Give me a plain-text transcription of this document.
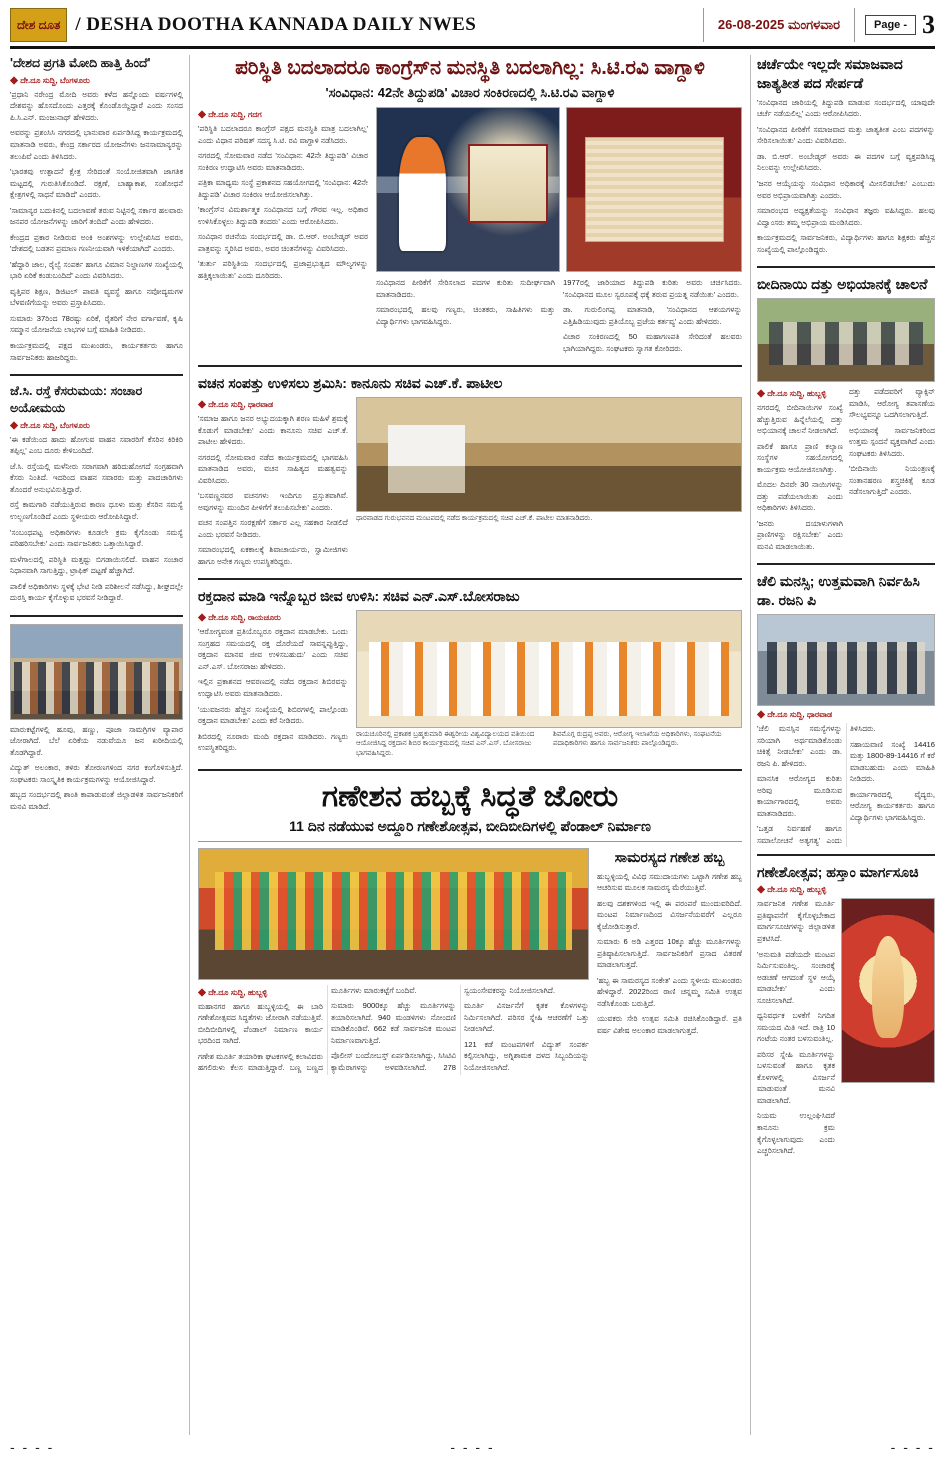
ದೇಶ ದೂತ / DESHA DOOTHA KANNADA DAILY NWES	26-08-2025 ಮಂಗಳವಾರ	Page - 3
'ದೇಶದ ಪ್ರಗತಿ ಮೋದಿ ಹಾತ್ತಿ ಹಿಂದೆ'
◆ ದೇ.ದೂ ಸುದ್ದಿ, ಬೆಂಗಳೂರು

'ಪ್ರಧಾನಿ ನರೇಂದ್ರ ಮೋದಿ ಅವರು ಕಳೆದ ಹನ್ನೊಂದು ವರ್ಷಗಳಲ್ಲಿ ದೇಶವನ್ನು ಹೊಸದೊಂದು ಎತ್ತರಕ್ಕೆ ಕೊಂಡೊಯ್ದಿದ್ದಾರೆ ಎಂದು ಸಂಸದ ಪಿ.ಸಿ.ಎನ್. ಮಂಜುನಾಥ್ ಹೇಳಿದರು.

ಅವರನ್ನು ಪ್ರಶಂಸಿಸಿ ನಗರದಲ್ಲಿ ಭಾನುವಾರ ಏರ್ಪಡಿಸಿದ್ದ ಕಾರ್ಯಕ್ರಮದಲ್ಲಿ ಮಾತನಾಡಿ ಅವರು, ಕೇಂದ್ರ ಸರ್ಕಾರದ ಯೋಜನೆಗಳು ಜನಸಾಮಾನ್ಯರನ್ನು ತಲುಪಿವೆ ಎಂದು ತಿಳಿಸಿದರು.

'ಭಾರತವು ಉತ್ಪಾದನೆ ಕ್ಷೇತ್ರ ಸೇರಿದಂತೆ ಸಂಯೋಜಿತವಾಗಿ ಜಾಗತಿಕ ಮಟ್ಟದಲ್ಲಿ ಗುರುತಿಸಿಕೊಂಡಿದೆ. ರಕ್ಷಣೆ, ಬಾಹ್ಯಾಕಾಶ, ಸಂಶೋಧನೆ ಕ್ಷೇತ್ರಗಳಲ್ಲಿ ಸಾಧನೆ ಮಾಡಿದೆ' ಎಂದರು.

'ಸಾಮಾನ್ಯರ ಬದುಕಿನಲ್ಲಿ ಬದಲಾವಣೆ ತರುವ ನಿಟ್ಟಿನಲ್ಲಿ ಸರ್ಕಾರ ಹಲವಾರು ಜನಪರ ಯೋಜನೆಗಳನ್ನು ಜಾರಿಗೆ ತಂದಿದೆ' ಎಂದು ಹೇಳಿದರು.

ಕೇಂದ್ರದ ಪ್ರಕಾರ ನೀಡಿರುವ ಅಂಕಿ ಅಂಶಗಳನ್ನು ಉಲ್ಲೇಖಿಸಿದ ಅವರು, 'ದೇಶದಲ್ಲಿ ಬಡತನ ಪ್ರಮಾಣ ಗಣನೀಯವಾಗಿ ಇಳಿಕೆಯಾಗಿದೆ' ಎಂದರು.

'ಹೆದ್ದಾರಿ ಜಾಲ, ರೈಲ್ವೆ ಸಂಪರ್ಕ ಹಾಗೂ ವಿಮಾನ ನಿಲ್ದಾಣಗಳ ಸಂಖ್ಯೆಯಲ್ಲಿ ಭಾರಿ ಏರಿಕೆ ಕಂಡುಬಂದಿದೆ' ಎಂದು ವಿವರಿಸಿದರು.

ವೃತ್ತಿಪರ ಶಿಕ್ಷಣ, ಡಿಜಿಟಲ್ ಪಾವತಿ ವ್ಯವಸ್ಥೆ ಹಾಗೂ ನವೋದ್ಯಮಗಳ ಬೆಳವಣಿಗೆಯನ್ನು ಅವರು ಪ್ರಸ್ತಾಪಿಸಿದರು.

ಸುಮಾರು 37ರಿಂದ 78ರಷ್ಟು ಏರಿಕೆ, ರೈತರಿಗೆ ನೇರ ವರ್ಗಾವಣೆ, ಕೃಷಿ ಸಮ್ಮಾನ ಯೋಜನೆಯ ಲಾಭಗಳ ಬಗ್ಗೆ ಮಾಹಿತಿ ನೀಡಿದರು.

ಕಾರ್ಯಕ್ರಮದಲ್ಲಿ ಪಕ್ಷದ ಮುಖಂಡರು, ಕಾರ್ಯಕರ್ತರು ಹಾಗೂ ಸಾರ್ವಜನಿಕರು ಹಾಜರಿದ್ದರು.

ಜೆ.ಸಿ. ರಸ್ತೆ ಕೆಸರುಮಯ: ಸಂಚಾರ ಅಯೋಮಯ
◆ ದೇ.ದೂ ಸುದ್ದಿ, ಬೆಂಗಳೂರು

'ಈ ಕಡೆಯಿಂದ ಹಾದು ಹೋಗುವ ವಾಹನ ಸವಾರರಿಗೆ ಕೆಸರಿನ ಕಿರಿಕಿರಿ ತಪ್ಪಿಲ್ಲ' ಎಂಬ ದೂರು ಕೇಳಿಬಂದಿದೆ.

ಜೆ.ಸಿ. ರಸ್ತೆಯಲ್ಲಿ ಮಳೆನೀರು ಸರಾಗವಾಗಿ ಹರಿದುಹೋಗದೆ ಸಂಗ್ರಹವಾಗಿ ಕೆಸರು ನಿಂತಿದೆ. ಇದರಿಂದ ವಾಹನ ಸವಾರರು ಮತ್ತು ಪಾದಚಾರಿಗಳು ತೊಂದರೆ ಅನುಭವಿಸುತ್ತಿದ್ದಾರೆ.

ರಸ್ತೆ ಕಾಮಗಾರಿ ನಡೆಯುತ್ತಿರುವ ಕಾರಣ ಧೂಳು ಮತ್ತು ಕೆಸರಿನ ಸಮಸ್ಯೆ ಉಲ್ಬಣಗೊಂಡಿದೆ ಎಂದು ಸ್ಥಳೀಯರು ಆರೋಪಿಸಿದ್ದಾರೆ.

'ಸಂಬಂಧಪಟ್ಟ ಅಧಿಕಾರಿಗಳು ಕೂಡಲೇ ಕ್ರಮ ಕೈಗೊಂಡು ಸಮಸ್ಯೆ ಪರಿಹರಿಸಬೇಕು' ಎಂದು ಸಾರ್ವಜನಿಕರು ಒತ್ತಾಯಿಸಿದ್ದಾರೆ.

ಮಳೆಗಾಲದಲ್ಲಿ ಪರಿಸ್ಥಿತಿ ಮತ್ತಷ್ಟು ಬಿಗಡಾಯಿಸಲಿದೆ. ವಾಹನ ಸಂಚಾರ ನಿಧಾನವಾಗಿ ಸಾಗುತ್ತಿದ್ದು, ಟ್ರಾಫಿಕ್ ದಟ್ಟಣೆ ಹೆಚ್ಚಾಗಿದೆ.

ಪಾಲಿಕೆ ಅಧಿಕಾರಿಗಳು ಸ್ಥಳಕ್ಕೆ ಭೇಟಿ ನೀಡಿ ಪರಿಶೀಲನೆ ನಡೆಸಿದ್ದು, ಶೀಘ್ರದಲ್ಲೇ ದುರಸ್ತಿ ಕಾರ್ಯ ಕೈಗೊಳ್ಳುವ ಭರವಸೆ ನೀಡಿದ್ದಾರೆ.

ಮಾರುಕಟ್ಟೆಗಳಲ್ಲಿ ಹೂವು, ಹಣ್ಣು, ಪೂಜಾ ಸಾಮಗ್ರಿಗಳ ವ್ಯಾಪಾರ ಜೋರಾಗಿದೆ. ಬೆಲೆ ಏರಿಕೆಯ ನಡುವೆಯೂ ಜನ ಖರೀದಿಯಲ್ಲಿ ತೊಡಗಿದ್ದಾರೆ.

ವಿದ್ಯುತ್ ಅಲಂಕಾರ, ತಳಿರು ತೋರಣಗಳಿಂದ ನಗರ ಕಂಗೊಳಿಸುತ್ತಿದೆ. ಸಂಘಟಕರು ಸಾಂಸ್ಕೃತಿಕ ಕಾರ್ಯಕ್ರಮಗಳನ್ನು ಆಯೋಜಿಸಿದ್ದಾರೆ.

ಹಬ್ಬದ ಸಂದರ್ಭದಲ್ಲಿ ಶಾಂತಿ ಕಾಪಾಡುವಂತೆ ಜಿಲ್ಲಾಡಳಿತ ಸಾರ್ವಜನಿಕರಿಗೆ ಮನವಿ ಮಾಡಿದೆ.

ಪರಿಸ್ಥಿತಿ ಬದಲಾದರೂ ಕಾಂಗ್ರೆಸ್‌ನ ಮನಸ್ಥಿತಿ ಬದಲಾಗಿಲ್ಲ: ಸಿ.ಟಿ.ರವಿ ವಾಗ್ದಾಳಿ
'ಸಂವಿಧಾನ: 42ನೇ ತಿದ್ದುಪಡಿ' ವಿಚಾರ ಸಂಕಿರಣದಲ್ಲಿ ಸಿ.ಟಿ.ರವಿ ವಾಗ್ದಾಳಿ
◆ ದೇ.ದೂ ಸುದ್ದಿ, ಗದಗ

'ಪರಿಸ್ಥಿತಿ ಬದಲಾದರೂ ಕಾಂಗ್ರೆಸ್ ಪಕ್ಷದ ಮನಸ್ಥಿತಿ ಮಾತ್ರ ಬದಲಾಗಿಲ್ಲ' ಎಂದು ವಿಧಾನ ಪರಿಷತ್ ಸದಸ್ಯ ಸಿ.ಟಿ. ರವಿ ವಾಗ್ದಾಳಿ ನಡೆಸಿದರು.

ನಗರದಲ್ಲಿ ಸೋಮವಾರ ನಡೆದ 'ಸಂವಿಧಾನ: 42ನೇ ತಿದ್ದುಪಡಿ' ವಿಚಾರ ಸಂಕಿರಣ ಉದ್ಘಾಟಿಸಿ ಅವರು ಮಾತನಾಡಿದರು.

ಪತ್ರಿಕಾ ಮಾಧ್ಯಮ ಸಂಸ್ಥೆ ಪ್ರಕಾಶನದ ಸಹಯೋಗದಲ್ಲಿ 'ಸಂವಿಧಾನ: 42ನೇ ತಿದ್ದುಪಡಿ' ವಿಚಾರ ಸಂಕಿರಣ ಆಯೋಜಿಸಲಾಗಿತ್ತು.

'ಕಾಂಗ್ರೆಸ್‌ನ ವಿಮರ್ಶಾತ್ಮಕ ಸಂವಿಧಾನದ ಬಗ್ಗೆ ಗೌರವ ಇಲ್ಲ. ಅಧಿಕಾರ ಉಳಿಸಿಕೊಳ್ಳಲು ತಿದ್ದುಪಡಿ ತಂದರು' ಎಂದು ಆರೋಪಿಸಿದರು.

ಸಂವಿಧಾನ ರಚನೆಯ ಸಂದರ್ಭದಲ್ಲಿ ಡಾ. ಬಿ.ಆರ್. ಅಂಬೇಡ್ಕರ್ ಅವರ ಪಾತ್ರವನ್ನು ಸ್ಮರಿಸಿದ ಅವರು, ಅವರ ಚಿಂತನೆಗಳನ್ನು ವಿವರಿಸಿದರು.

'ತುರ್ತು ಪರಿಸ್ಥಿತಿಯ ಸಂದರ್ಭದಲ್ಲಿ ಪ್ರಜಾಪ್ರಭುತ್ವದ ಮೌಲ್ಯಗಳನ್ನು ಹತ್ತಿಕ್ಕಲಾಯಿತು' ಎಂದು ದೂರಿದರು.

ಸಂವಿಧಾನದ ಪೀಠಿಕೆಗೆ ಸೇರಿಸಲಾದ ಪದಗಳ ಕುರಿತು ಸುದೀರ್ಘವಾಗಿ ಮಾತನಾಡಿದರು.

ಸಮಾರಂಭದಲ್ಲಿ ಹಲವು ಗಣ್ಯರು, ಚಿಂತಕರು, ಸಾಹಿತಿಗಳು ಮತ್ತು ವಿದ್ಯಾರ್ಥಿಗಳು ಭಾಗವಹಿಸಿದ್ದರು.

1977ರಲ್ಲಿ ಜಾರಿಯಾದ ತಿದ್ದುಪಡಿ ಕುರಿತು ಅವರು ಚರ್ಚಿಸಿದರು. 'ಸಂವಿಧಾನದ ಮೂಲ ಸ್ವರೂಪಕ್ಕೆ ಧಕ್ಕೆ ತರುವ ಪ್ರಯತ್ನ ನಡೆಯಿತು' ಎಂದರು.

ಡಾ. ಗುರುಲಿಂಗಪ್ಪ ಮಾತನಾಡಿ, 'ಸಂವಿಧಾನದ ಆಶಯಗಳನ್ನು ಎತ್ತಿಹಿಡಿಯುವುದು ಪ್ರತಿಯೊಬ್ಬ ಪ್ರಜೆಯ ಕರ್ತವ್ಯ' ಎಂದು ಹೇಳಿದರು.

ವಿಚಾರ ಸಂಕಿರಣದಲ್ಲಿ 50 ಮಹಾಗಣಪತಿ ಸೇರಿದಂತೆ ಹಲವರು ಭಾಗಿಯಾಗಿದ್ದರು. ಸಂಘಟಕರು ಸ್ವಾಗತ ಕೋರಿದರು.

ವಚನ ಸಂಪತ್ತು ಉಳಿಸಲು ಶ್ರಮಿಸಿ: ಕಾನೂನು ಸಚಿವ ಎಚ್.ಕೆ. ಪಾಟೀಲ
◆ ದೇ.ದೂ ಸುದ್ದಿ, ಧಾರವಾಡ

'ಸಮಾಜ ಹಾಗೂ ಜನರ ಅಭ್ಯುದಯಕ್ಕಾಗಿ ಶರಣ ಮಹಿಳೆ ಶ್ರಮಕ್ಕೆ ಕೊಡುಗೆ ಮಾಡಬೇಕು' ಎಂದು ಕಾನೂನು ಸಚಿವ ಎಚ್.ಕೆ. ಪಾಟೀಲ ಹೇಳಿದರು.

ನಗರದಲ್ಲಿ ಸೋಮವಾರ ನಡೆದ ಕಾರ್ಯಕ್ರಮದಲ್ಲಿ ಭಾಗವಹಿಸಿ ಮಾತನಾಡಿದ ಅವರು, ವಚನ ಸಾಹಿತ್ಯದ ಮಹತ್ವವನ್ನು ವಿವರಿಸಿದರು.

'ಬಸವಣ್ಣನವರ ವಚನಗಳು ಇಂದಿಗೂ ಪ್ರಸ್ತುತವಾಗಿವೆ. ಅವುಗಳನ್ನು ಮುಂದಿನ ಪೀಳಿಗೆಗೆ ತಲುಪಿಸಬೇಕು' ಎಂದರು.

ವಚನ ಸಂಪತ್ತಿನ ಸಂರಕ್ಷಣೆಗೆ ಸರ್ಕಾರ ಎಲ್ಲ ಸಹಕಾರ ನೀಡಲಿದೆ ಎಂದು ಭರವಸೆ ನೀಡಿದರು.

ಸಮಾರಂಭದಲ್ಲಿ ಏಕಕಾಲಕ್ಕೆ ಶಿವಾಚಾರ್ಯರು, ಸ್ವಾಮೀಜಿಗಳು ಹಾಗೂ ಅನೇಕ ಗಣ್ಯರು ಉಪಸ್ಥಿತರಿದ್ದರು.

ಧಾರವಾಡದ ಗುರುಭವನದ ಮಂಟಪದಲ್ಲಿ ನಡೆದ ಕಾರ್ಯಕ್ರಮದಲ್ಲಿ ಸಚಿವ ಎಚ್.ಕೆ. ಪಾಟೀಲ ಮಾತನಾಡಿದರು.
ರಕ್ತದಾನ ಮಾಡಿ ಇನ್ನೊಬ್ಬರ ಜೀವ ಉಳಿಸಿ: ಸಚಿವ ಎನ್.ಎಸ್.ಬೋಸರಾಜು
◆ ದೇ.ದೂ ಸುದ್ದಿ, ರಾಯಚೂರು

'ಆರೋಗ್ಯವಂತ ಪ್ರತಿಯೊಬ್ಬರೂ ರಕ್ತದಾನ ಮಾಡಬೇಕು. ಒಂದು ಸಂಗ್ರಹದ ಸಮಯದಲ್ಲಿ ರಕ್ತ ದೊರೆಯದೆ ಸಾವನ್ನಪ್ಪುತ್ತಿದ್ದು, ರಕ್ತದಾನ ಮಾನವ ಜೀವ ಉಳಿಸಬಹುದು' ಎಂದು ಸಚಿವ ಎನ್.ಎಸ್. ಬೋಸರಾಜು ಹೇಳಿದರು.

ಇಲ್ಲಿನ ಪ್ರಕಾಶನದ ಆವರಣದಲ್ಲಿ ನಡೆದ ರಕ್ತದಾನ ಶಿಬಿರವನ್ನು ಉದ್ಘಾಟಿಸಿ ಅವರು ಮಾತನಾಡಿದರು.

'ಯುವಜನರು ಹೆಚ್ಚಿನ ಸಂಖ್ಯೆಯಲ್ಲಿ ಶಿಬಿರಗಳಲ್ಲಿ ಪಾಲ್ಗೊಂಡು ರಕ್ತದಾನ ಮಾಡಬೇಕು' ಎಂದು ಕರೆ ನೀಡಿದರು.

ಶಿಬಿರದಲ್ಲಿ ನೂರಾರು ಮಂದಿ ರಕ್ತದಾನ ಮಾಡಿದರು. ಗಣ್ಯರು ಉಪಸ್ಥಿತರಿದ್ದರು.

ರಾಯಚೂರಿನಲ್ಲಿ ಪ್ರಕಾಶಕ ಬ್ರಹ್ಮಕುಮಾರಿ ಈಶ್ವರೀಯ ವಿಶ್ವವಿದ್ಯಾಲಯದ ವತಿಯಿಂದ ಆಯೋಜಿಸಿದ್ದ ರಕ್ತದಾನ ಶಿಬಿರ ಕಾರ್ಯಕ್ರಮದಲ್ಲಿ ಸಚಿವ ಎನ್.ಎಸ್. ಬೋಸರಾಜು ಭಾಗವಹಿಸಿದ್ದರು.
ಶಿವಮೊಗ್ಗ ರುದ್ರಪ್ಪ ಅವರು, ಆರೋಗ್ಯ ಇಲಾಖೆಯ ಅಧಿಕಾರಿಗಳು, ಸಂಘಟನೆಯ ಪದಾಧಿಕಾರಿಗಳು ಹಾಗೂ ಸಾರ್ವಜನಿಕರು ಪಾಲ್ಗೊಂಡಿದ್ದರು.
ಗಣೇಶನ ಹಬ್ಬಕ್ಕೆ ಸಿದ್ಧತೆ ಜೋರು
11 ದಿನ ನಡೆಯುವ ಅದ್ದೂರಿ ಗಣೇಶೋತ್ಸವ, ಬೀದಿಬೀದಿಗಳಲ್ಲಿ ಪೆಂಡಾಲ್ ನಿರ್ಮಾಣ
◆ ದೇ.ದೂ ಸುದ್ದಿ, ಹುಬ್ಬಳ್ಳಿ

ಮಹಾನಗರ ಹಾಗೂ ಹುಬ್ಬಳ್ಳಿಯಲ್ಲಿ ಈ ಬಾರಿ ಗಣೇಶೋತ್ಸವದ ಸಿದ್ಧತೆಗಳು ಜೋರಾಗಿ ನಡೆಯುತ್ತಿವೆ. ಬೀದಿಬೀದಿಗಳಲ್ಲಿ ಪೆಂಡಾಲ್ ನಿರ್ಮಾಣ ಕಾರ್ಯ ಭರದಿಂದ ಸಾಗಿದೆ.

ಗಣೇಶ ಮೂರ್ತಿ ತಯಾರಿಕಾ ಘಟಕಗಳಲ್ಲಿ ಕಲಾವಿದರು ಹಗಲಿರುಳು ಕೆಲಸ ಮಾಡುತ್ತಿದ್ದಾರೆ. ಬಣ್ಣ ಬಣ್ಣದ ಮೂರ್ತಿಗಳು ಮಾರುಕಟ್ಟೆಗೆ ಬಂದಿವೆ.

ಸುಮಾರು 9000ಕ್ಕೂ ಹೆಚ್ಚು ಮೂರ್ತಿಗಳನ್ನು ತಯಾರಿಸಲಾಗಿದೆ. 940 ಮಂಡಳಿಗಳು ನೋಂದಣಿ ಮಾಡಿಕೊಂಡಿವೆ. 662 ಕಡೆ ಸಾರ್ವಜನಿಕ ಮಂಟಪ ನಿರ್ಮಾಣವಾಗುತ್ತಿದೆ.

ಪೊಲೀಸ್ ಬಂದೋಬಸ್ತ್ ಏರ್ಪಡಿಸಲಾಗಿದ್ದು, ಸಿಸಿಟಿವಿ ಕ್ಯಾಮೆರಾಗಳನ್ನು ಅಳವಡಿಸಲಾಗಿದೆ. 278 ಸ್ವಯಂಸೇವಕರನ್ನು ನಿಯೋಜಿಸಲಾಗಿದೆ.

ಮೂರ್ತಿ ವಿಸರ್ಜನೆಗೆ ಕೃತಕ ಕೊಳಗಳನ್ನು ನಿರ್ಮಿಸಲಾಗಿದೆ. ಪರಿಸರ ಸ್ನೇಹಿ ಆಚರಣೆಗೆ ಒತ್ತು ನೀಡಲಾಗಿದೆ.

121 ಕಡೆ ಮಂಟಪಗಳಿಗೆ ವಿದ್ಯುತ್ ಸಂಪರ್ಕ ಕಲ್ಪಿಸಲಾಗಿದ್ದು, ಅಗ್ನಿಶಾಮಕ ದಳದ ಸಿಬ್ಬಂದಿಯನ್ನು ನಿಯೋಜಿಸಲಾಗಿದೆ.

ಸಾಮರಸ್ಯದ ಗಣೇಶ ಹಬ್ಬ

ಹುಬ್ಬಳ್ಳಿಯಲ್ಲಿ ವಿವಿಧ ಸಮುದಾಯಗಳು ಒಟ್ಟಾಗಿ ಗಣೇಶ ಹಬ್ಬ ಆಚರಿಸುವ ಮೂಲಕ ಸಾಮರಸ್ಯ ಮೆರೆಯುತ್ತಿವೆ.

ಹಲವು ದಶಕಗಳಿಂದ ಇಲ್ಲಿ ಈ ಪರಂಪರೆ ಮುಂದುವರಿದಿದೆ. ಮಂಟಪ ನಿರ್ಮಾಣದಿಂದ ವಿಸರ್ಜನೆಯವರೆಗೆ ಎಲ್ಲರೂ ಕೈಜೋಡಿಸುತ್ತಾರೆ.

ಸುಮಾರು 6 ಅಡಿ ಎತ್ತರದ 10ಕ್ಕೂ ಹೆಚ್ಚು ಮೂರ್ತಿಗಳನ್ನು ಪ್ರತಿಷ್ಠಾಪಿಸಲಾಗುತ್ತಿದೆ. ಸಾರ್ವಜನಿಕರಿಗೆ ಪ್ರಸಾದ ವಿತರಣೆ ಮಾಡಲಾಗುತ್ತದೆ.

'ಹಬ್ಬ ಈ ಸಾಮರಸ್ಯದ ಸಂಕೇತ' ಎಂದು ಸ್ಥಳೀಯ ಮುಖಂಡರು ಹೇಳಿದ್ದಾರೆ. 2022ರಿಂದ ರಾಣಿ ಚನ್ನಮ್ಮ ಸಮಿತಿ ಉತ್ಸವ ನಡೆಸಿಕೊಂಡು ಬರುತ್ತಿದೆ.

ಯುವಕರು ಸೇರಿ ಉತ್ಸವ ಸಮಿತಿ ರಚಿಸಿಕೊಂಡಿದ್ದಾರೆ. ಪ್ರತಿ ವರ್ಷ ವಿಶೇಷ ಅಲಂಕಾರ ಮಾಡಲಾಗುತ್ತದೆ.

ಚರ್ಚೆಯೇ ಇಲ್ಲದೇ ಸಮಾಜವಾದ ಜಾತ್ಯತೀತ ಪದ ಸೇರ್ಪಡೆ

'ಸಂವಿಧಾನದ ಜಾರಿಯಲ್ಲಿ ತಿದ್ದುಪಡಿ ಮಾಡುವ ಸಂದರ್ಭದಲ್ಲಿ ಯಾವುದೇ ಚರ್ಚೆ ನಡೆಯಲಿಲ್ಲ' ಎಂದು ಆರೋಪಿಸಿದರು.

'ಸಂವಿಧಾನದ ಪೀಠಿಕೆಗೆ ಸಮಾಜವಾದ ಮತ್ತು ಜಾತ್ಯತೀತ ಎಂಬ ಪದಗಳನ್ನು ಸೇರಿಸಲಾಯಿತು' ಎಂದು ವಿವರಿಸಿದರು.

ಡಾ. ಬಿ.ಆರ್. ಅಂಬೇಡ್ಕರ್ ಅವರು ಈ ಪದಗಳ ಬಗ್ಗೆ ವ್ಯಕ್ತಪಡಿಸಿದ್ದ ನಿಲುವನ್ನು ಉಲ್ಲೇಖಿಸಿದರು.

'ಜನರ ಆಯ್ಕೆಯನ್ನು ಸಂವಿಧಾನ ಅಧಿಕಾರಕ್ಕೆ ಮೀಸಲಿಡಬೇಕು' ಎಂಬುದು ಅವರ ಅಭಿಪ್ರಾಯವಾಗಿತ್ತು ಎಂದರು.

ಸಮಾರಂಭದ ಅಧ್ಯಕ್ಷತೆಯನ್ನು ಸಂವಿಧಾನ ತಜ್ಞರು ವಹಿಸಿದ್ದರು. ಹಲವು ವಿದ್ವಾಂಸರು ತಮ್ಮ ಅಭಿಪ್ರಾಯ ಮಂಡಿಸಿದರು.

ಕಾರ್ಯಕ್ರಮದಲ್ಲಿ ಸಾರ್ವಜನಿಕರು, ವಿದ್ಯಾರ್ಥಿಗಳು ಹಾಗೂ ಶಿಕ್ಷಕರು ಹೆಚ್ಚಿನ ಸಂಖ್ಯೆಯಲ್ಲಿ ಪಾಲ್ಗೊಂಡಿದ್ದರು.

ಬೀದಿನಾಯಿ ದತ್ತು ಅಭಿಯಾನಕ್ಕೆ ಚಾಲನೆ
◆ ದೇ.ದೂ ಸುದ್ದಿ, ಹುಬ್ಬಳ್ಳಿ

ನಗರದಲ್ಲಿ ಬೀದಿನಾಯಿಗಳ ಸಂಖ್ಯೆ ಹೆಚ್ಚುತ್ತಿರುವ ಹಿನ್ನೆಲೆಯಲ್ಲಿ ದತ್ತು ಅಭಿಯಾನಕ್ಕೆ ಚಾಲನೆ ನೀಡಲಾಗಿದೆ.

ಪಾಲಿಕೆ ಹಾಗೂ ಪ್ರಾಣಿ ಕಲ್ಯಾಣ ಸಂಸ್ಥೆಗಳ ಸಹಯೋಗದಲ್ಲಿ ಕಾರ್ಯಕ್ರಮ ಆಯೋಜಿಸಲಾಗಿತ್ತು.

ಮೊದಲ ದಿನವೇ 30 ನಾಯಿಗಳನ್ನು ದತ್ತು ಪಡೆಯಲಾಯಿತು ಎಂದು ಅಧಿಕಾರಿಗಳು ತಿಳಿಸಿದರು.

'ಜನರು ದಯಾಳುಗಳಾಗಿ ಪ್ರಾಣಿಗಳನ್ನು ರಕ್ಷಿಸಬೇಕು' ಎಂದು ಮನವಿ ಮಾಡಲಾಯಿತು.

ದತ್ತು ಪಡೆದವರಿಗೆ ವ್ಯಾಕ್ಸಿನ್ ಮಾಡಿಸಿ, ಆರೋಗ್ಯ ತಪಾಸಣೆಯ ಸೌಲಭ್ಯವನ್ನೂ ಒದಗಿಸಲಾಗುತ್ತಿದೆ.

ಅಭಿಯಾನಕ್ಕೆ ಸಾರ್ವಜನಿಕರಿಂದ ಉತ್ತಮ ಸ್ಪಂದನೆ ವ್ಯಕ್ತವಾಗಿದೆ ಎಂದು ಸಂಘಟಕರು ತಿಳಿಸಿದರು.

'ಬೀದಿನಾಯಿ ನಿಯಂತ್ರಣಕ್ಕೆ ಸಂತಾನಹರಣ ಶಸ್ತ್ರಚಿಕಿತ್ಸೆ ಕೂಡ ನಡೆಸಲಾಗುತ್ತಿದೆ' ಎಂದರು.

ಚೆಲಿ ಮನಸ್ಸಿ; ಉತ್ತಮವಾಗಿ ನಿರ್ವಹಿಸಿ ಡಾ. ರಜನಿ ಪಿ
◆ ದೇ.ದೂ ಸುದ್ದಿ, ಧಾರವಾಡ

'ಚೆಲಿ ಮನಸ್ಸಿನ ಸಮಸ್ಯೆಗಳನ್ನು ಸರಿಯಾಗಿ ಅರ್ಥಮಾಡಿಕೊಂಡು ಚಿಕಿತ್ಸೆ ನೀಡಬೇಕು' ಎಂದು ಡಾ. ರಜನಿ ಪಿ. ಹೇಳಿದರು.

ಮಾನಸಿಕ ಆರೋಗ್ಯದ ಕುರಿತು ಅರಿವು ಮೂಡಿಸುವ ಕಾರ್ಯಾಗಾರದಲ್ಲಿ ಅವರು ಮಾತನಾಡಿದರು.

'ಒತ್ತಡ ನಿರ್ವಹಣೆ ಹಾಗೂ ಸಮಾಲೋಚನೆ ಅತ್ಯಗತ್ಯ' ಎಂದು ತಿಳಿಸಿದರು.

ಸಹಾಯವಾಣಿ ಸಂಖ್ಯೆ 14416 ಮತ್ತು 1800-89-14416 ಗೆ ಕರೆ ಮಾಡಬಹುದು ಎಂದು ಮಾಹಿತಿ ನೀಡಿದರು.

ಕಾರ್ಯಾಗಾರದಲ್ಲಿ ವೈದ್ಯರು, ಆರೋಗ್ಯ ಕಾರ್ಯಕರ್ತರು ಹಾಗೂ ವಿದ್ಯಾರ್ಥಿಗಳು ಭಾಗವಹಿಸಿದ್ದರು.

ಗಣೇಶೋತ್ಸವ; ಹಸ್ತಾಂ ಮಾರ್ಗಸೂಚಿ
◆ ದೇ.ದೂ ಸುದ್ದಿ, ಹುಬ್ಬಳ್ಳಿ

ಸಾರ್ವಜನಿಕ ಗಣೇಶ ಮೂರ್ತಿ ಪ್ರತಿಷ್ಠಾಪನೆಗೆ ಕೈಗೊಳ್ಳಬೇಕಾದ ಮಾರ್ಗಸೂಚಿಗಳನ್ನು ಜಿಲ್ಲಾಡಳಿತ ಪ್ರಕಟಿಸಿದೆ.

'ಅನುಮತಿ ಪಡೆಯದೇ ಮಂಟಪ ನಿರ್ಮಿಸುವಂತಿಲ್ಲ. ಸಂಚಾರಕ್ಕೆ ಅಡಚಣೆ ಆಗದಂತೆ ಸ್ಥಳ ಆಯ್ಕೆ ಮಾಡಬೇಕು' ಎಂದು ಸೂಚಿಸಲಾಗಿದೆ.

ಧ್ವನಿವರ್ಧಕ ಬಳಕೆಗೆ ನಿಗದಿತ ಸಮಯದ ಮಿತಿ ಇದೆ. ರಾತ್ರಿ 10 ಗಂಟೆಯ ನಂತರ ಬಳಸುವಂತಿಲ್ಲ.

ಪರಿಸರ ಸ್ನೇಹಿ ಮೂರ್ತಿಗಳನ್ನು ಬಳಸುವಂತೆ ಹಾಗೂ ಕೃತಕ ಕೊಳಗಳಲ್ಲಿ ವಿಸರ್ಜನೆ ಮಾಡುವಂತೆ ಮನವಿ ಮಾಡಲಾಗಿದೆ.

ನಿಯಮ ಉಲ್ಲಂಘಿಸಿದರೆ ಕಾನೂನು ಕ್ರಮ ಕೈಗೊಳ್ಳಲಾಗುವುದು ಎಂದು ಎಚ್ಚರಿಸಲಾಗಿದೆ.

- - - -	- - - -	- - - -
